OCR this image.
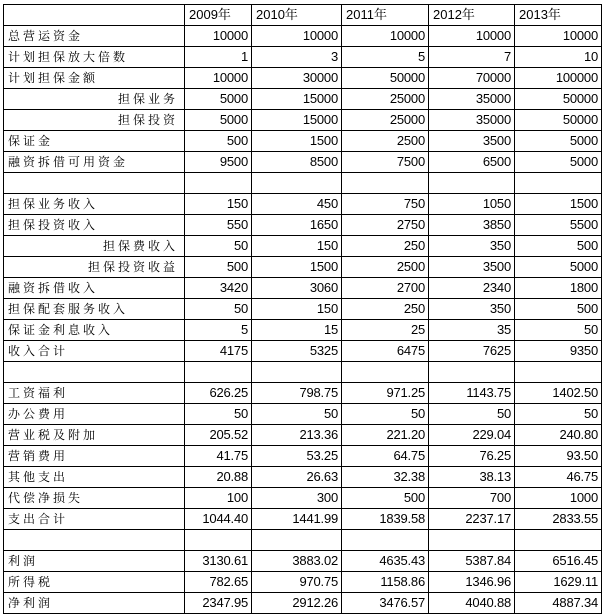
	2009年	2010年	2011年	2012年	2013年
总营运资金	10000	10000	10000	10000	10000
计划担保放大倍数	1	3	5	7	10
计划担保金额	10000	30000	50000	70000	100000
担保业务	5000	15000	25000	35000	50000
担保投资	5000	15000	25000	35000	50000
保证金	500	1500	2500	3500	5000
融资拆借可用资金	9500	8500	7500	6500	5000

担保业务收入	150	450	750	1050	1500
担保投资收入	550	1650	2750	3850	5500
担保费收入	50	150	250	350	500
担保投资收益	500	1500	2500	3500	5000
融资拆借收入	3420	3060	2700	2340	1800
担保配套服务收入	50	150	250	350	500
保证金利息收入	5	15	25	35	50
收入合计	4175	5325	6475	7625	9350

工资福利	626.25	798.75	971.25	1143.75	1402.50
办公费用	50	50	50	50	50
营业税及附加	205.52	213.36	221.20	229.04	240.80
营销费用	41.75	53.25	64.75	76.25	93.50
其他支出	20.88	26.63	32.38	38.13	46.75
代偿净损失	100	300	500	700	1000
支出合计	1044.40	1441.99	1839.58	2237.17	2833.55

利润	3130.61	3883.02	4635.43	5387.84	6516.45
所得税	782.65	970.75	1158.86	1346.96	1629.11
净利润	2347.95	2912.26	3476.57	4040.88	4887.34
